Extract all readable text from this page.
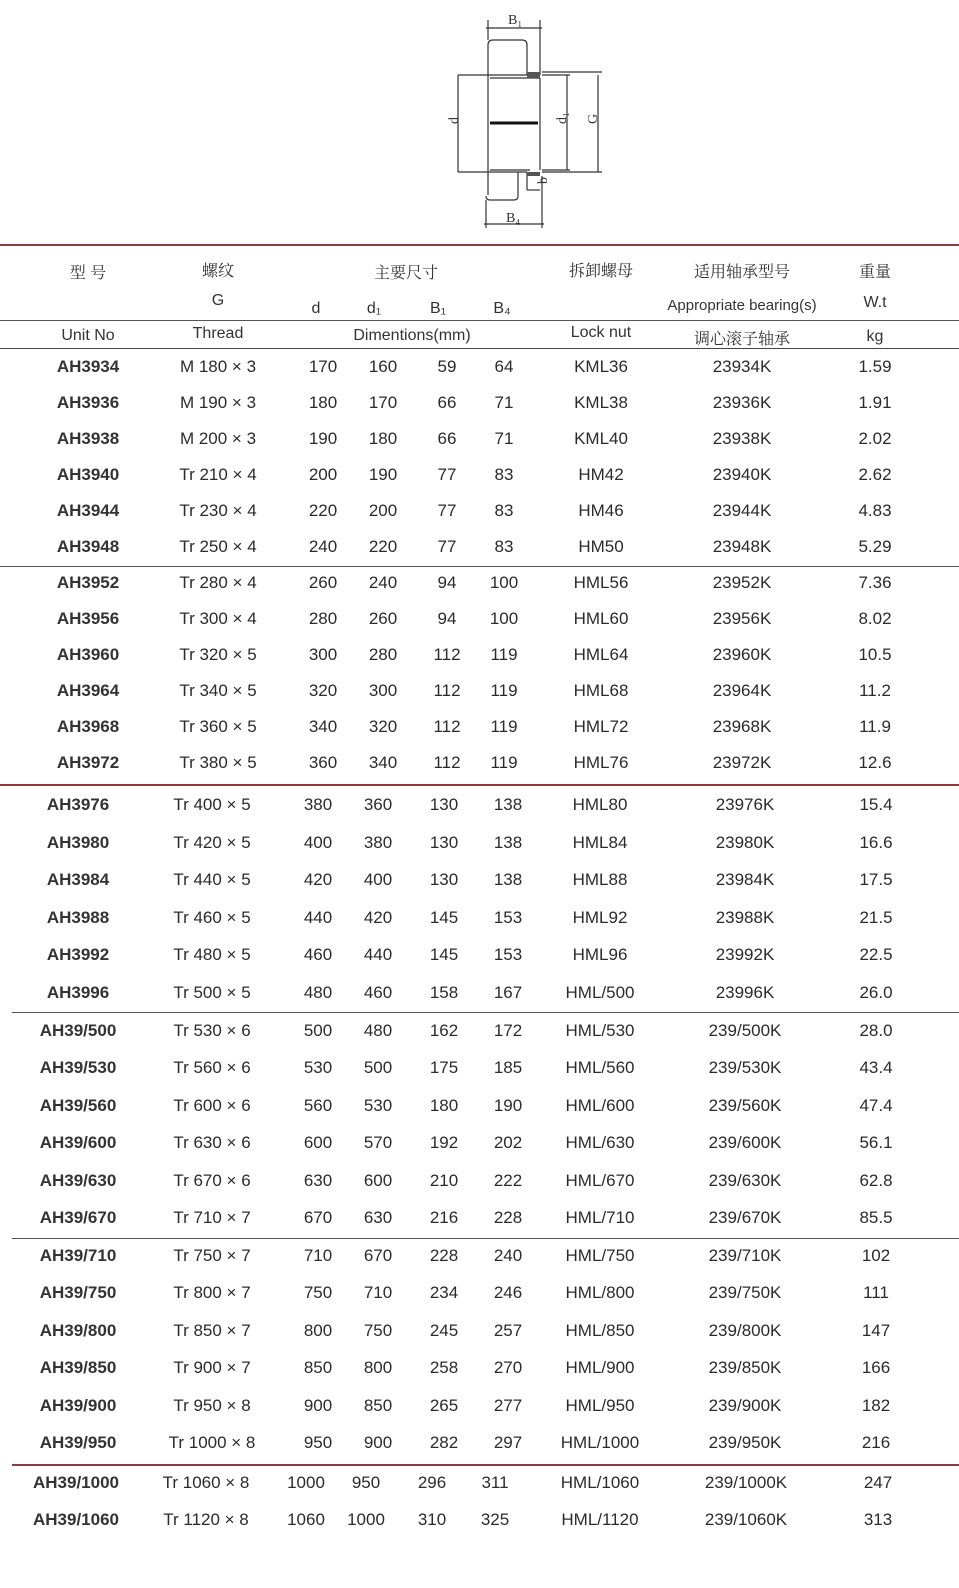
B₁
B₄
d	d₁ G
b
型 号	螺纹	主要尺寸	拆卸螺母	适用轴承型号	重量
G	d	d₁	B₁	B₄	Appropriate bearing(s)	W.t
Unit No	Thread	Dimentions(mm)	Lock nut	调心滚子轴承	kg
AH3934	M 180 × 3	170 160 59 64	KML36	23934K	1.59
AH3936	M 190 × 3	180 170 66 71	KML38	23936K	1.91
AH3938	M 200 × 3	190 180 66 71	KML40	23938K	2.02
AH3940	Tr 210 × 4	200 190 77 83	HM42	23940K	2.62
AH3944	Tr 230 × 4	220 200 77 83	HM46	23944K	4.83
AH3948	Tr 250 × 4	240 220 77 83	HM50	23948K	5.29
AH3952	Tr 280 × 4	260 240 94 100	HML56	23952K	7.36
AH3956	Tr 300 × 4	280 260 94 100	HML60	23956K	8.02
AH3960	Tr 320 × 5	300 280 112 119	HML64	23960K	10.5
AH3964	Tr 340 × 5	320 300 112 119	HML68	23964K	11.2
AH3968	Tr 360 × 5	340 320 112 119	HML72	23968K	11.9
AH3972	Tr 380 × 5	360 340 112 119	HML76	23972K	12.6
AH3976	Tr 400 × 5	380 360 130 138	HML80	23976K	15.4
AH3980	Tr 420 × 5	400 380 130 138	HML84	23980K	16.6
AH3984	Tr 440 × 5	420 400 130 138	HML88	23984K	17.5
AH3988	Tr 460 × 5	440 420 145 153	HML92	23988K	21.5
AH3992	Tr 480 × 5	460 440 145 153	HML96	23992K	22.5
AH3996	Tr 500 × 5	480 460 158 167	HML/500	23996K	26.0
AH39/500	Tr 530 × 6	500 480 162 172	HML/530	239/500K	28.0
AH39/530	Tr 560 × 6	530 500 175 185	HML/560	239/530K	43.4
AH39/560	Tr 600 × 6	560 530 180 190	HML/600	239/560K	47.4
AH39/600	Tr 630 × 6	600 570 192 202	HML/630	239/600K	56.1
AH39/630	Tr 670 × 6	630 600 210 222	HML/670	239/630K	62.8
AH39/670	Tr 710 × 7	670 630 216 228	HML/710	239/670K	85.5
AH39/710	Tr 750 × 7	710 670 228 240	HML/750	239/710K	102
AH39/750	Tr 800 × 7	750 710 234 246	HML/800	239/750K	111
AH39/800	Tr 850 × 7	800 750 245 257	HML/850	239/800K	147
AH39/850	Tr 900 × 7	850 800 258 270	HML/900	239/850K	166
AH39/900	Tr 950 × 8	900 850 265 277	HML/950	239/900K	182
AH39/950	Tr 1000 × 8	950 900 282 297 HML/1000	239/950K	216
AH39/1000	Tr 1060 × 8 1000 950 296 311	HML/1060	239/1000K	247
AH39/1060	Tr 1120 × 8 1060 1000 310 325	HML/1120	239/1060K	313
